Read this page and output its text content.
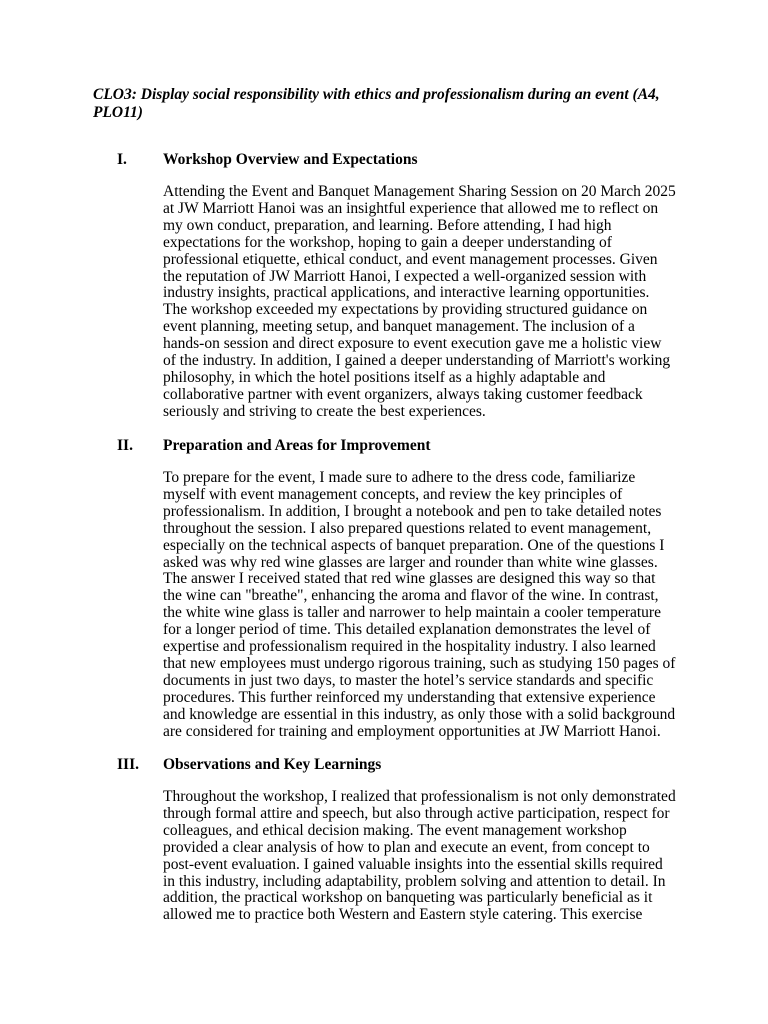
CLO3: Display social responsibility with ethics and professionalism during an event (A4, PLO11)
I. Workshop Overview and Expectations
Attending the Event and Banquet Management Sharing Session on 20 March 2025
at JW Marriott Hanoi was an insightful experience that allowed me to reflect on
my own conduct, preparation, and learning. Before attending, I had high
expectations for the workshop, hoping to gain a deeper understanding of
professional etiquette, ethical conduct, and event management processes. Given
the reputation of JW Marriott Hanoi, I expected a well-organized session with
industry insights, practical applications, and interactive learning opportunities.
The workshop exceeded my expectations by providing structured guidance on
event planning, meeting setup, and banquet management. The inclusion of a
hands-on session and direct exposure to event execution gave me a holistic view
of the industry. In addition, I gained a deeper understanding of Marriott's working
philosophy, in which the hotel positions itself as a highly adaptable and
collaborative partner with event organizers, always taking customer feedback
seriously and striving to create the best experiences.
II. Preparation and Areas for Improvement
To prepare for the event, I made sure to adhere to the dress code, familiarize
myself with event management concepts, and review the key principles of
professionalism. In addition, I brought a notebook and pen to take detailed notes
throughout the session. I also prepared questions related to event management,
especially on the technical aspects of banquet preparation. One of the questions I
asked was why red wine glasses are larger and rounder than white wine glasses.
The answer I received stated that red wine glasses are designed this way so that
the wine can "breathe", enhancing the aroma and flavor of the wine. In contrast,
the white wine glass is taller and narrower to help maintain a cooler temperature
for a longer period of time. This detailed explanation demonstrates the level of
expertise and professionalism required in the hospitality industry. I also learned
that new employees must undergo rigorous training, such as studying 150 pages of
documents in just two days, to master the hotel’s service standards and specific
procedures. This further reinforced my understanding that extensive experience
and knowledge are essential in this industry, as only those with a solid background
are considered for training and employment opportunities at JW Marriott Hanoi.
III. Observations and Key Learnings
Throughout the workshop, I realized that professionalism is not only demonstrated
through formal attire and speech, but also through active participation, respect for
colleagues, and ethical decision making. The event management workshop
provided a clear analysis of how to plan and execute an event, from concept to
post-event evaluation. I gained valuable insights into the essential skills required
in this industry, including adaptability, problem solving and attention to detail. In
addition, the practical workshop on banqueting was particularly beneficial as it
allowed me to practice both Western and Eastern style catering. This exercise
